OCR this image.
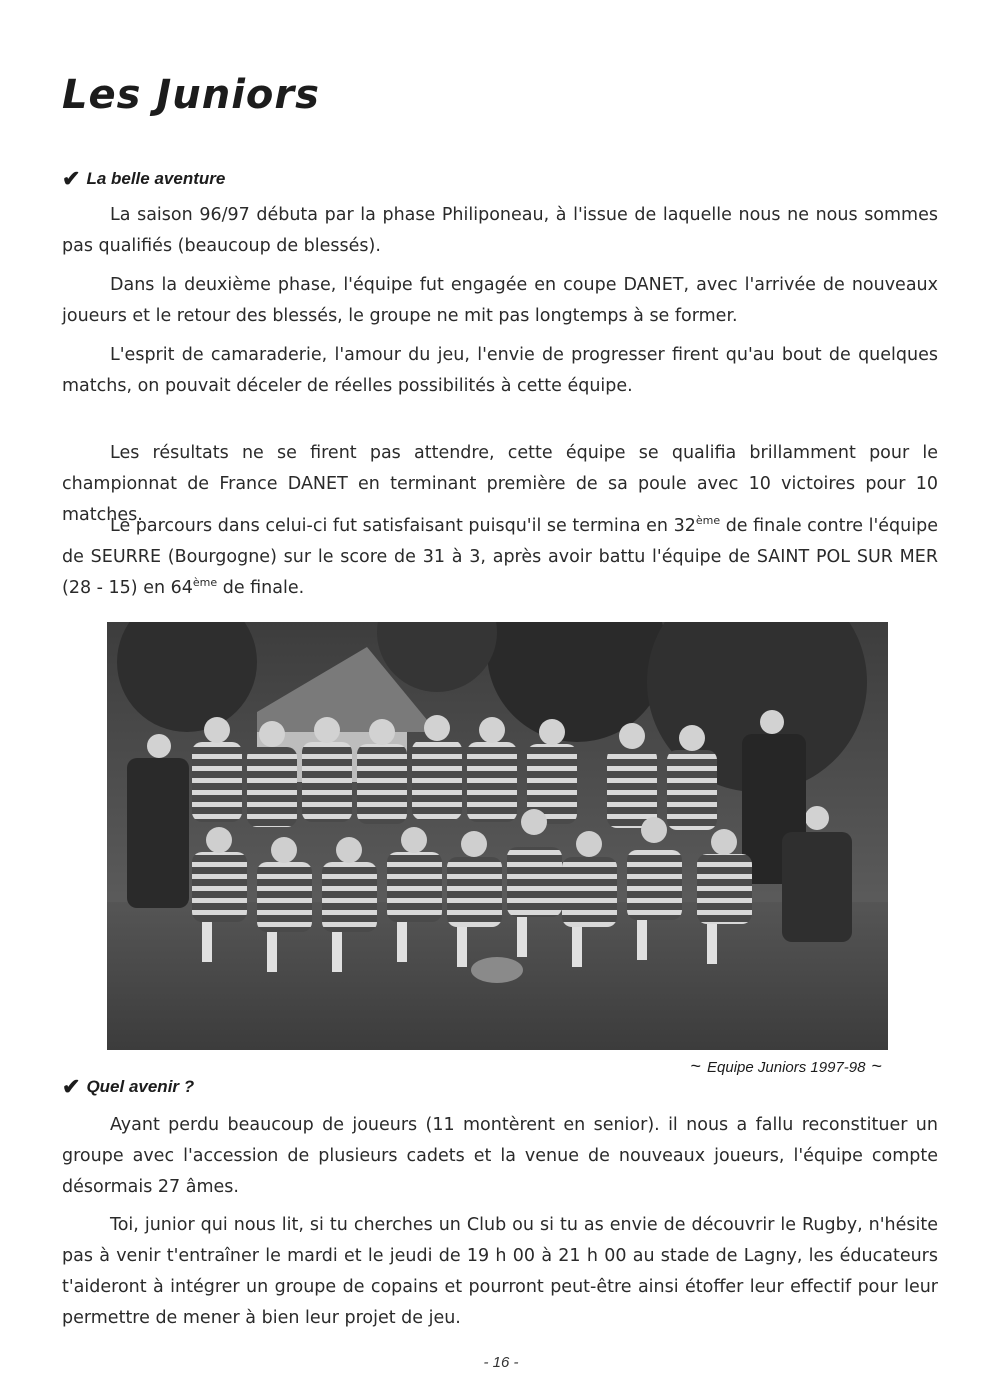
Les Juniors
✔ La belle aventure

La saison 96/97 débuta par la phase Philiponeau, à l'issue de laquelle nous ne nous sommes pas qualifiés (beaucoup de blessés).

Dans la deuxième phase, l'équipe fut engagée en coupe DANET, avec l'arrivée de nouveaux joueurs et le retour des blessés, le groupe ne mit pas longtemps à se former.

L'esprit de camaraderie, l'amour du jeu, l'envie de progresser firent qu'au bout de quelques matchs, on pouvait déceler de réelles possibilités à cette équipe.

Les résultats ne se firent pas attendre, cette équipe se qualifia brillamment pour le championnat de France DANET en terminant première de sa poule avec 10 victoires pour 10 matches.

Le parcours dans celui-ci fut satisfaisant puisqu'il se termina en 32ème de finale contre l'équipe de SEURRE (Bourgogne) sur le score de 31 à 3, après avoir battu l'équipe de SAINT POL SUR MER (28 - 15) en 64ème de finale.

~ Equipe Juniors 1997-98 ~

✔ Quel avenir ?

Ayant perdu beaucoup de joueurs (11 montèrent en senior). il nous a fallu reconstituer un groupe avec l'accession de plusieurs cadets et la venue de nouveaux joueurs, l'équipe compte désormais 27 âmes.

Toi, junior qui nous lit, si tu cherches un Club ou si tu as envie de découvrir le Rugby, n'hésite pas à venir t'entraîner le mardi et le jeudi de 19 h 00 à 21 h 00 au stade de Lagny, les éducateurs t'aideront à intégrer un groupe de copains et pourront peut-être ainsi étoffer leur effectif pour leur permettre de mener à bien leur projet de jeu.

- 16 -
